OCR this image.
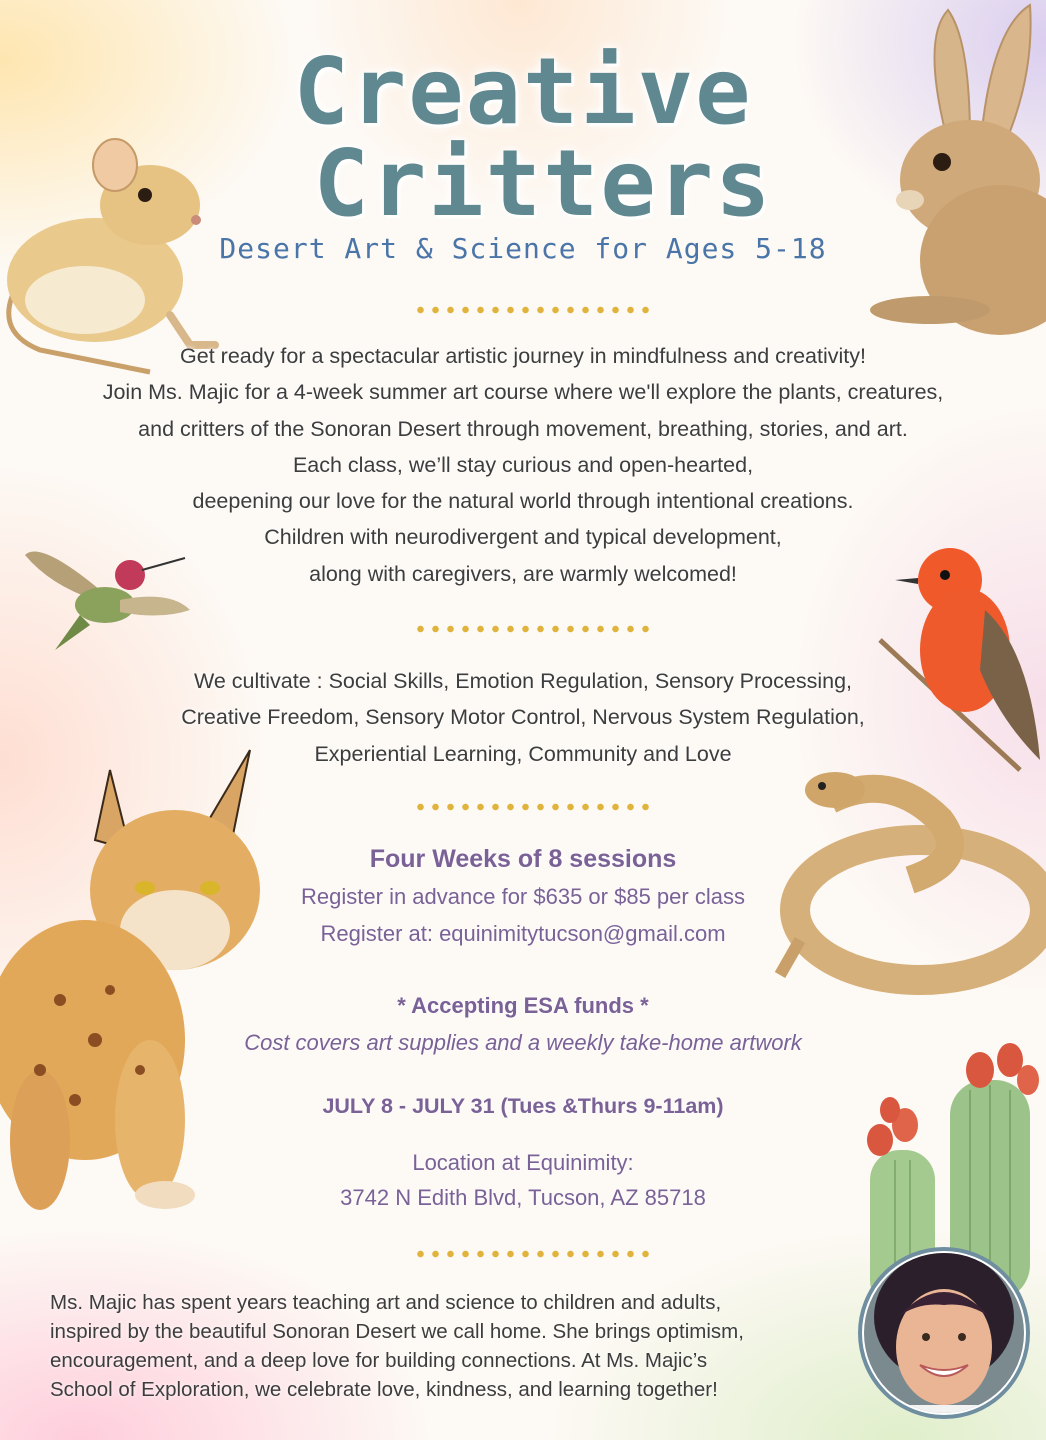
Creative
Critters
Desert Art & Science for Ages 5-18
Get ready for a spectacular artistic journey in mindfulness and creativity!
Join Ms. Majic for a 4-week summer art course where we'll explore the plants, creatures,
and critters of the Sonoran Desert through movement, breathing, stories, and art.
Each class, we’ll stay curious and open-hearted,
deepening our love for the natural world through intentional creations.
Children with neurodivergent and typical development,
along with caregivers, are warmly welcomed!
We cultivate : Social Skills, Emotion Regulation, Sensory Processing,
Creative Freedom, Sensory Motor Control, Nervous System Regulation,
Experiential Learning, Community and Love
Four Weeks of 8 sessions
Register in advance for $635 or $85 per class
Register at: equinimitytucson@gmail.com
* Accepting ESA funds *
Cost covers art supplies and a weekly take-home artwork
JULY 8 - JULY 31 (Tues &Thurs 9-11am)
Location at Equinimity:
3742 N Edith Blvd, Tucson, AZ 85718
Ms. Majic has spent years teaching art and science to children and adults,
inspired by the beautiful Sonoran Desert we call home. She brings optimism,
encouragement, and a deep love for building connections. At Ms. Majic’s
School of Exploration, we celebrate love, kindness, and learning together!
